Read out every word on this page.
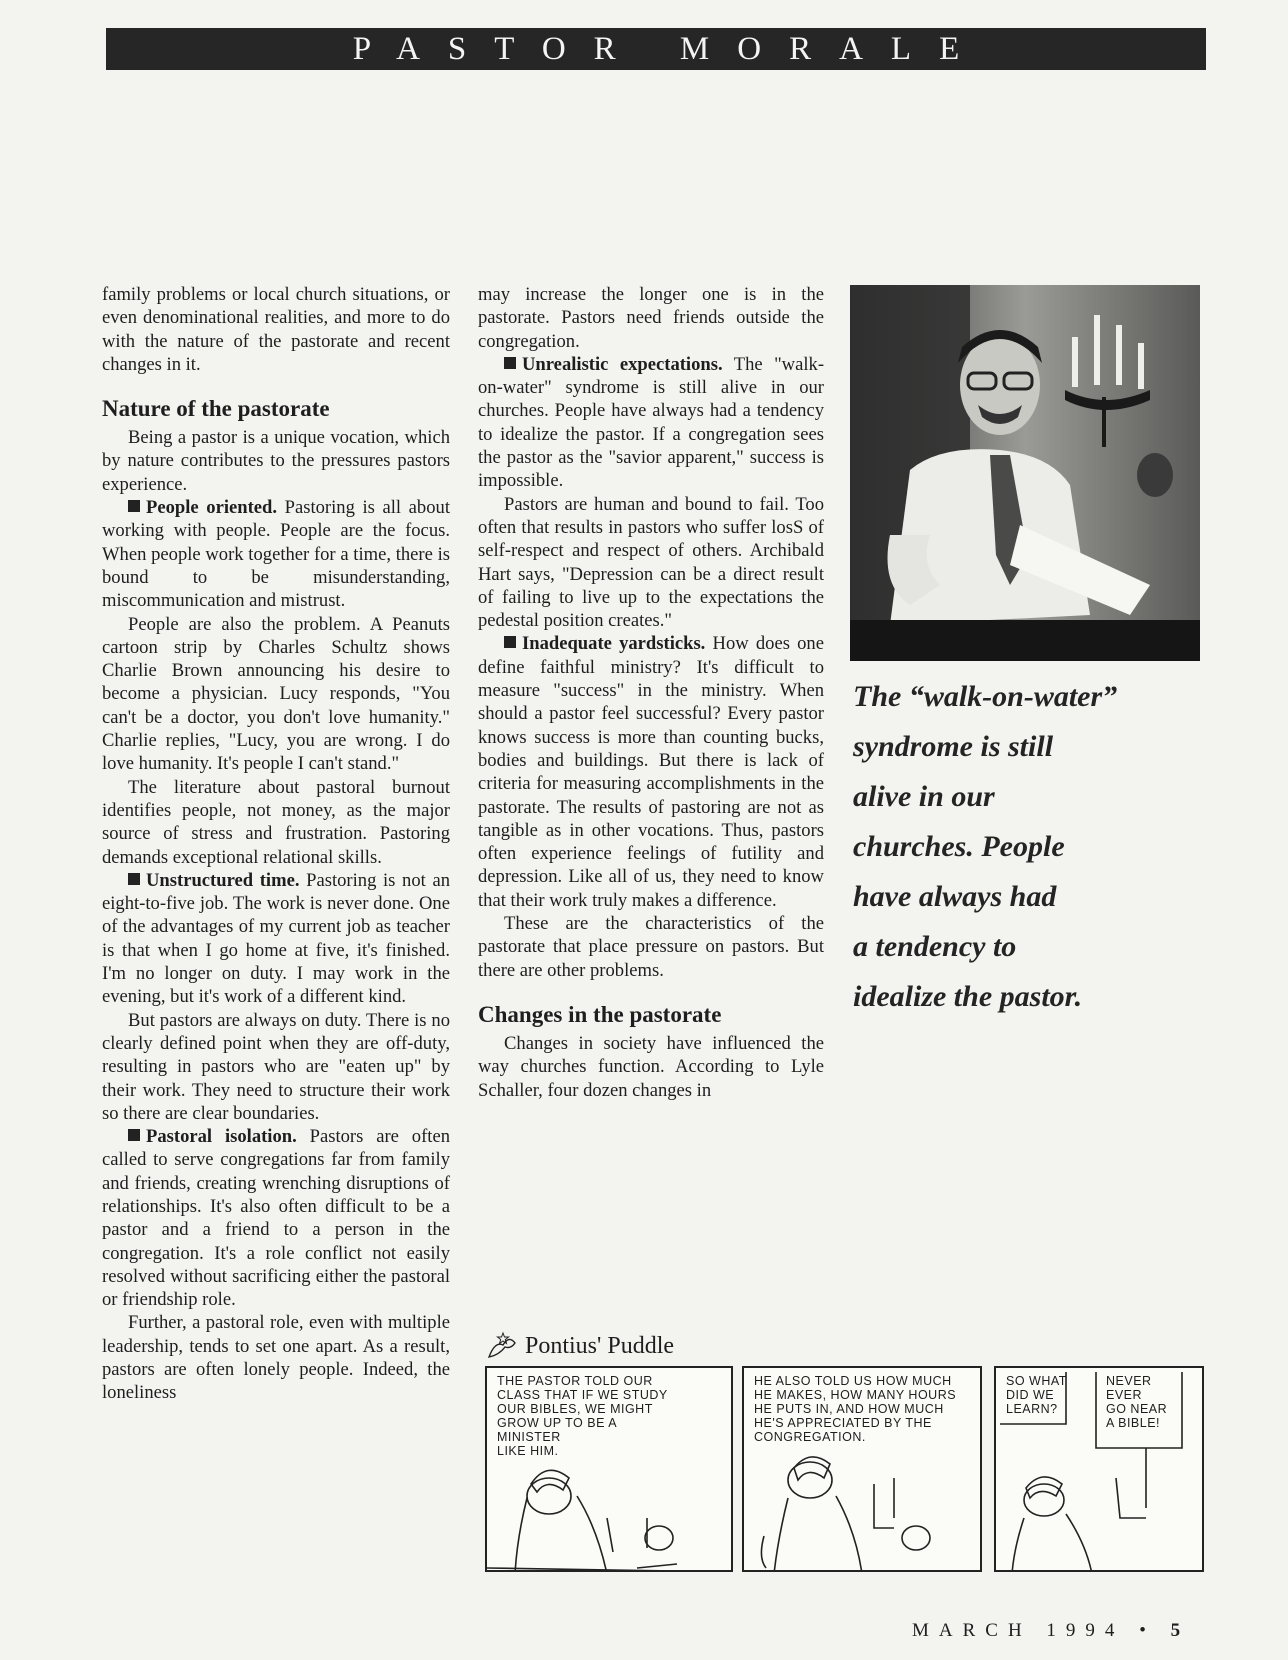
PASTOR MORALE

family problems or local church situations, or even denominational realities, and more to do with the nature of the pastorate and recent changes in it.

Nature of the pastorate

Being a pastor is a unique vocation, which by nature contributes to the pressures pastors experience.

People oriented. Pastoring is all about working with people. People are the focus. When people work together for a time, there is bound to be misunderstanding, miscommunication and mistrust.

People are also the problem. A Peanuts cartoon strip by Charles Schultz shows Charlie Brown announcing his desire to become a physician. Lucy responds, "You can't be a doctor, you don't love humanity." Charlie replies, "Lucy, you are wrong. I do love humanity. It's people I can't stand."

The literature about pastoral burnout identifies people, not money, as the major source of stress and frustration. Pastoring demands exceptional relational skills.

Unstructured time. Pastoring is not an eight-to-five job. The work is never done. One of the advantages of my current job as teacher is that when I go home at five, it's finished. I'm no longer on duty. I may work in the evening, but it's work of a different kind.

But pastors are always on duty. There is no clearly defined point when they are off-duty, resulting in pastors who are "eaten up" by their work. They need to structure their work so there are clear boundaries.

Pastoral isolation. Pastors are often called to serve congregations far from family and friends, creating wrenching disruptions of relationships. It's also often difficult to be a pastor and a friend to a person in the congregation. It's a role conflict not easily resolved without sacrificing either the pastoral or friendship role.

Further, a pastoral role, even with multiple leadership, tends to set one apart. As a result, pastors are often lonely people. Indeed, the loneliness

may increase the longer one is in the pastorate. Pastors need friends outside the congregation.

Unrealistic expectations. The "walk-on-water" syndrome is still alive in our churches. People have always had a tendency to idealize the pastor. If a congregation sees the pastor as the "savior apparent," success is impossible.

Pastors are human and bound to fail. Too often that results in pastors who suffer losS of self-respect and respect of others. Archibald Hart says, "Depression can be a direct result of failing to live up to the expectations the pedestal position creates."

Inadequate yardsticks. How does one define faithful ministry? It's difficult to measure "success" in the ministry. When should a pastor feel successful? Every pastor knows success is more than counting bucks, bodies and buildings. But there is lack of criteria for measuring accomplishments in the pastorate. The results of pastoring are not as tangible as in other vocations. Thus, pastors often experience feelings of futility and depression. Like all of us, they need to know that their work truly makes a difference.

These are the characteristics of the pastorate that place pressure on pastors. But there are other problems.

Changes in the pastorate

Changes in society have influenced the way churches function. According to Lyle Schaller, four dozen changes in

The “walk-on-water”
syndrome is still
alive in our
churches. People
have always had
a tendency to
idealize the pastor.
Pontius' Puddle
THE PASTOR TOLD OUR
CLASS THAT IF WE STUDY
OUR BIBLES, WE MIGHT
GROW UP TO BE A
MINISTER
LIKE HIM.
HE ALSO TOLD US HOW MUCH
HE MAKES, HOW MANY HOURS
HE PUTS IN, AND HOW MUCH
HE'S APPRECIATED BY THE
CONGREGATION.
SO WHAT
DID WE
LEARN?
NEVER
EVER
GO NEAR
A BIBLE!
MARCH 1994 • 5
